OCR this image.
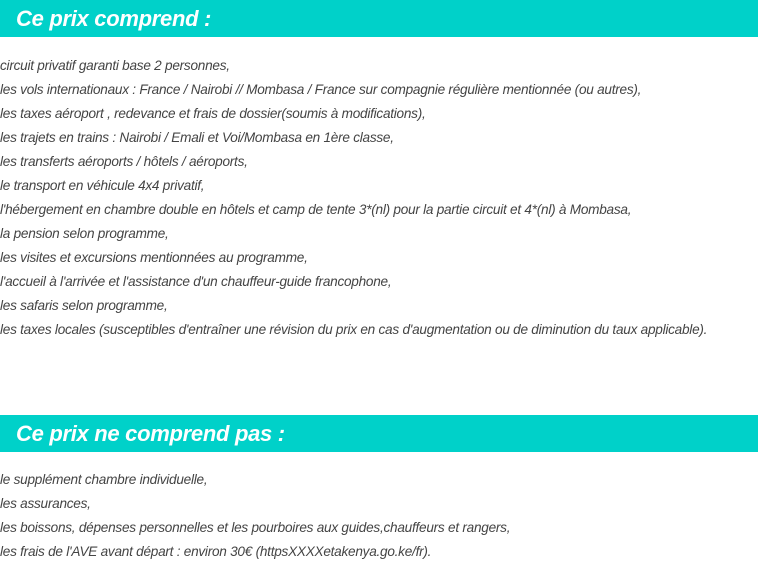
Ce prix comprend :
circuit privatif garanti base 2 personnes,
les vols internationaux : France / Nairobi // Mombasa / France sur compagnie régulière mentionnée (ou autres),
les taxes aéroport , redevance et frais de dossier(soumis à modifications),
les trajets en trains : Nairobi / Emali et Voi/Mombasa en 1ère classe,
les transferts aéroports / hôtels / aéroports,
le transport en véhicule 4x4 privatif,
l'hébergement en chambre double en hôtels et camp de tente 3*(nl) pour la partie circuit et 4*(nl) à Mombasa,
la pension selon programme,
les visites et excursions mentionnées au programme,
l'accueil à l'arrivée et l'assistance d'un chauffeur-guide francophone,
les safaris selon programme,
les taxes locales (susceptibles d'entraîner une révision du prix en cas d'augmentation ou de diminution du taux applicable).
Ce prix ne comprend pas :
le supplément chambre individuelle,
les assurances,
les boissons, dépenses personnelles et les pourboires aux guides,chauffeurs et rangers,
les frais de l'AVE avant départ : environ 30€ (httpsXXXXetakenya.go.ke/fr).
